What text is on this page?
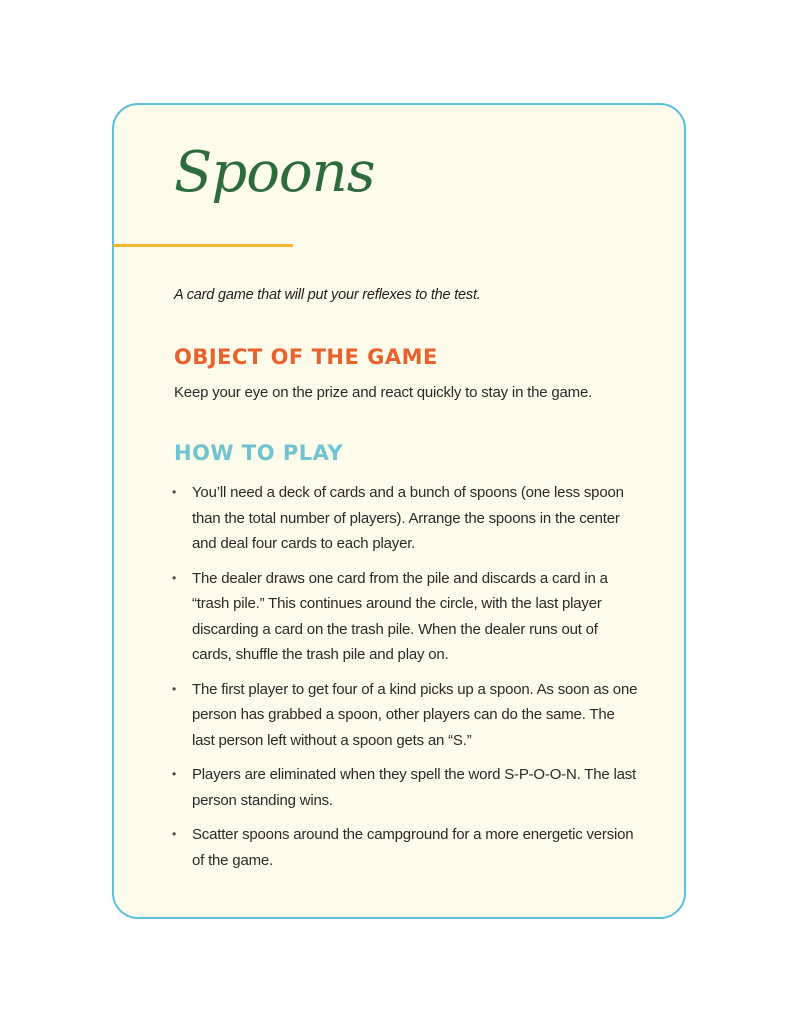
Spoons

A card game that will put your reflexes to the test.

OBJECT OF THE GAME

Keep your eye on the prize and react quickly to stay in the game.

HOW TO PLAY
• You’ll need a deck of cards and a bunch of spoons (one less spoon than the total number of players). Arrange the spoons in the center and deal four cards to each player.
• The dealer draws one card from the pile and discards a card in a “trash pile.” This continues around the circle, with the last player discarding a card on the trash pile. When the dealer runs out of cards, shuffle the trash pile and play on.
• The first player to get four of a kind picks up a spoon. As soon as one person has grabbed a spoon, other players can do the same. The last person left without a spoon gets an “S.”
• Players are eliminated when they spell the word S-P-O-O-N. The last person standing wins.
• Scatter spoons around the campground for a more energetic version of the game.
